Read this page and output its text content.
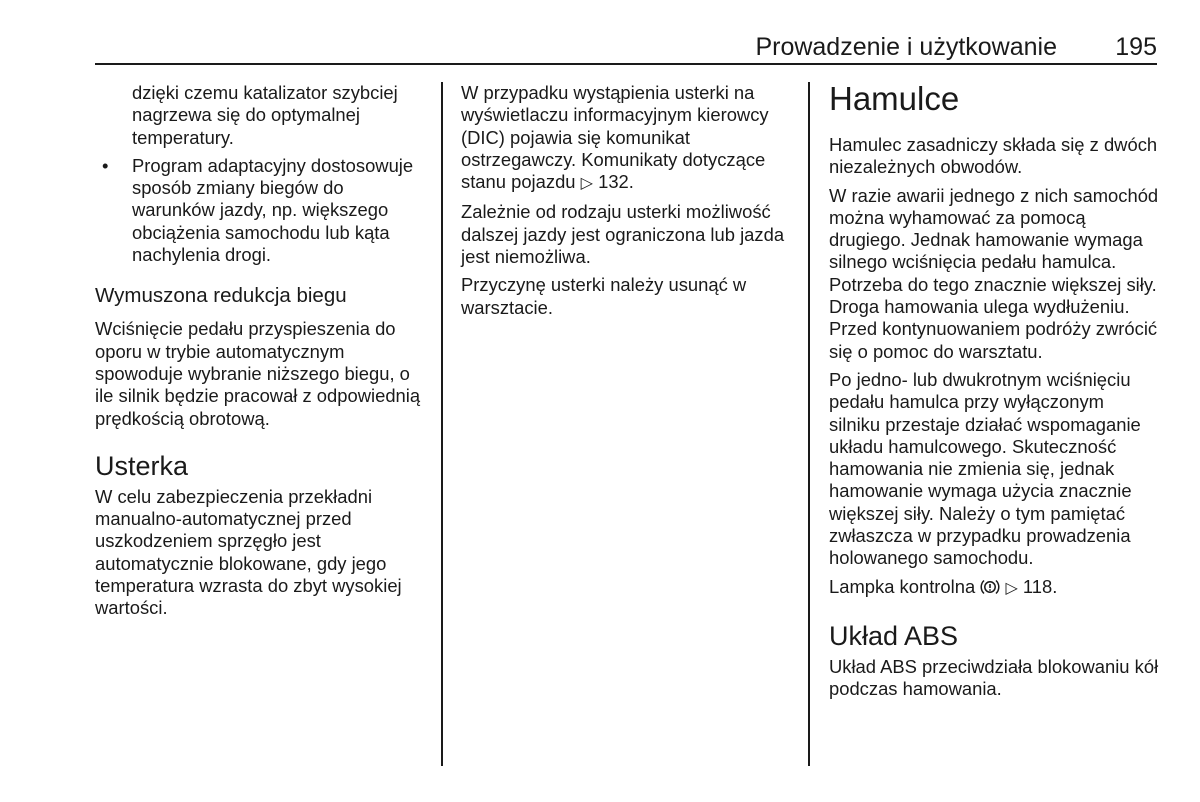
Prowadzenie i użytkowanie	195

dzięki czemu katalizator szybciej nagrzewa się do optymalnej temperatury.

• Program adaptacyjny dostosowuje sposób zmiany biegów do warunków jazdy, np. większego obciążenia samochodu lub kąta nachylenia drogi.

Wymuszona redukcja biegu

Wciśnięcie pedału przyspieszenia do oporu w trybie automatycznym spowoduje wybranie niższego biegu, o ile silnik będzie pracował z odpowiednią prędkością obrotową.

Usterka

W celu zabezpieczenia przekładni manualno-automatycznej przed uszkodzeniem sprzęgło jest automatycznie blokowane, gdy jego temperatura wzrasta do zbyt wysokiej wartości.

W przypadku wystąpienia usterki na wyświetlaczu informacyjnym kierowcy (DIC) pojawia się komunikat ostrzegawczy. Komunikaty dotyczące stanu pojazdu ▷ 132.

Zależnie od rodzaju usterki możliwość dalszej jazdy jest ograniczona lub jazda jest niemożliwa.

Przyczynę usterki należy usunąć w warsztacie.

Hamulce

Hamulec zasadniczy składa się z dwóch niezależnych obwodów.

W razie awarii jednego z nich samochód można wyhamować za pomocą drugiego. Jednak hamowanie wymaga silnego wciśnięcia pedału hamulca. Potrzeba do tego znacznie większej siły. Droga hamowania ulega wydłużeniu. Przed kontynuowaniem podróży zwrócić się o pomoc do warsztatu.

Po jedno- lub dwukrotnym wciśnięciu pedału hamulca przy wyłączonym silniku przestaje działać wspomaganie układu hamulcowego. Skuteczność hamowania nie zmienia się, jednak hamowanie wymaga użycia znacznie większej siły. Należy o tym pamiętać zwłaszcza w przypadku prowadzenia holowanego samochodu.

Lampka kontrolna ▷ 118.

Układ ABS

Układ ABS przeciwdziała blokowaniu kół podczas hamowania.
